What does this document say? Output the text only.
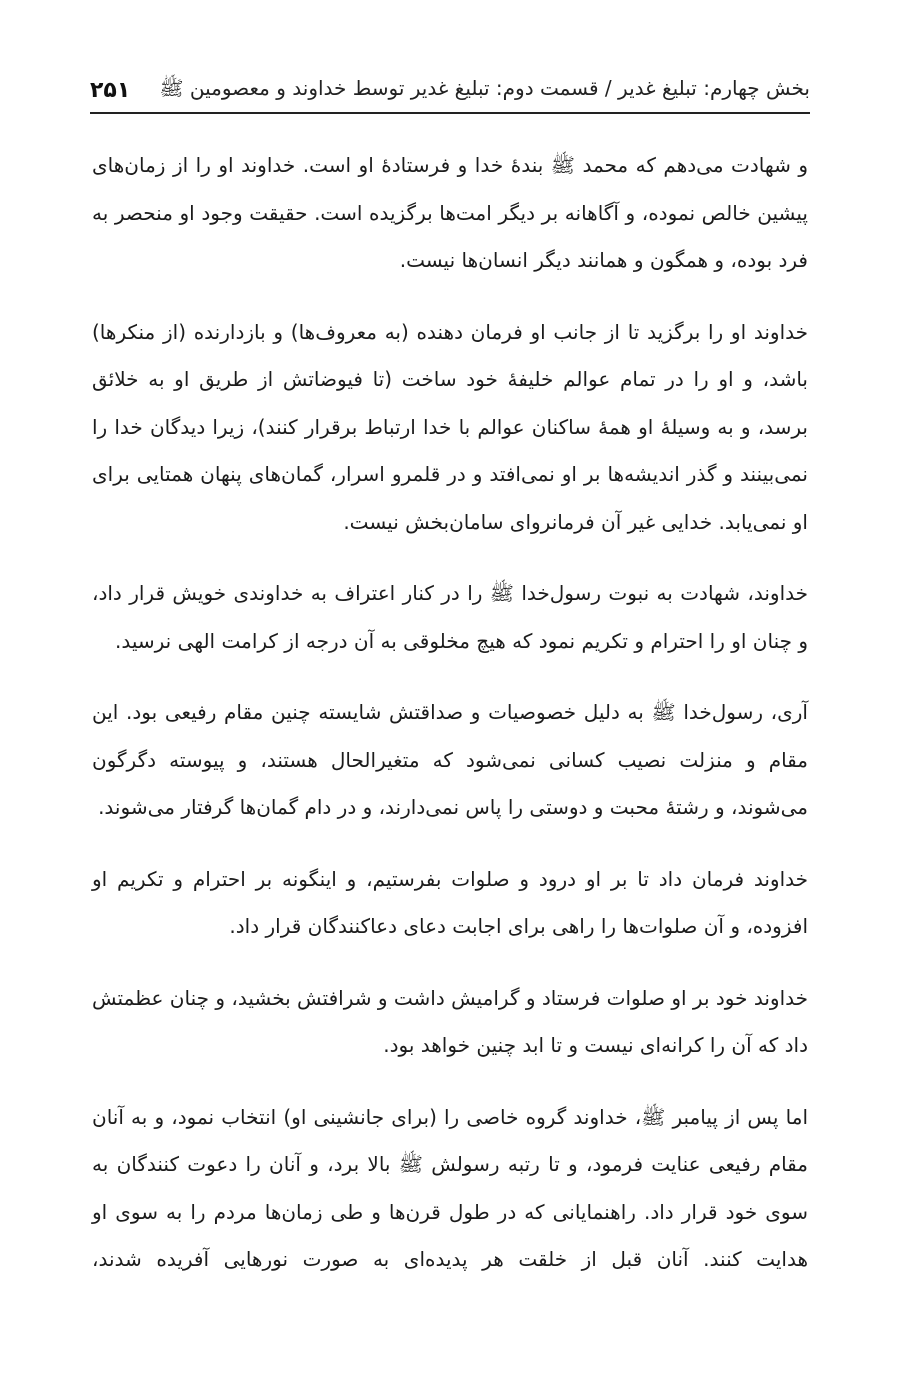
بخش چهارم: تبلیغ غدیر / قسمت دوم: تبلیغ غدیر توسط خداوند و معصومین ﷺ
۲۵۱

و شهادت می‌دهم که محمد ﷺ بندهٔ خدا و فرستادهٔ او است. خداوند او را از زمان‌های پیشین خالص نموده، و آگاهانه بر دیگر امت‌ها برگزیده است. حقیقت وجود او منحصر به فرد بوده، و همگون و همانند دیگر انسان‌ها نیست.

خداوند او را برگزید تا از جانب او فرمان دهنده (به معروف‌ها) و بازدارنده (از منکرها) باشد، و او را در تمام عوالم خلیفهٔ خود ساخت (تا فیوضاتش از طریق او به خلائق برسد، و به وسیلهٔ او همهٔ ساکنان عوالم با خدا ارتباط برقرار کنند)، زیرا دیدگان خدا را نمی‌بینند و گذر اندیشه‌ها بر او نمی‌افتد و در قلمرو اسرار، گمان‌های پنهان همتایی برای او نمی‌یابد. خدایی غیر آن فرمانروای سامان‌بخش نیست.

خداوند، شهادت به نبوت رسول‌خدا ﷺ را در کنار اعتراف به خداوندی خویش قرار داد، و چنان او را احترام و تکریم نمود که هیچ مخلوقی به آن درجه از کرامت الهی نرسید.

آری، رسول‌خدا ﷺ به دلیل خصوصیات و صداقتش شایسته چنین مقام رفیعی بود. این مقام و منزلت نصیب کسانی نمی‌شود که متغیرالحال هستند، و پیوسته دگرگون می‌شوند، و رشتهٔ محبت و دوستی را پاس نمی‌دارند، و در دام گمان‌ها گرفتار می‌شوند.

خداوند فرمان داد تا بر او درود و صلوات بفرستیم، و اینگونه بر احترام و تکریم او افزوده، و آن صلوات‌ها را راهی برای اجابت دعای دعاکنندگان قرار داد.

خداوند خود بر او صلوات فرستاد و گرامیش داشت و شرافتش بخشید، و چنان عظمتش داد که آن را کرانه‌ای نیست و تا ابد چنین خواهد بود.

اما پس از پیامبر ﷺ، خداوند گروه خاصی را (برای جانشینی او) انتخاب نمود، و به آنان مقام رفیعی عنایت فرمود، و تا رتبه رسولش ﷺ بالا برد، و آنان را دعوت کنندگان به سوی خود قرار داد. راهنمایانی که در طول قرن‌ها و طی زمان‌ها مردم را به سوی او هدایت کنند. آنان قبل از خلقت هر پدیده‌ای به صورت نورهایی آفریده شدند،
